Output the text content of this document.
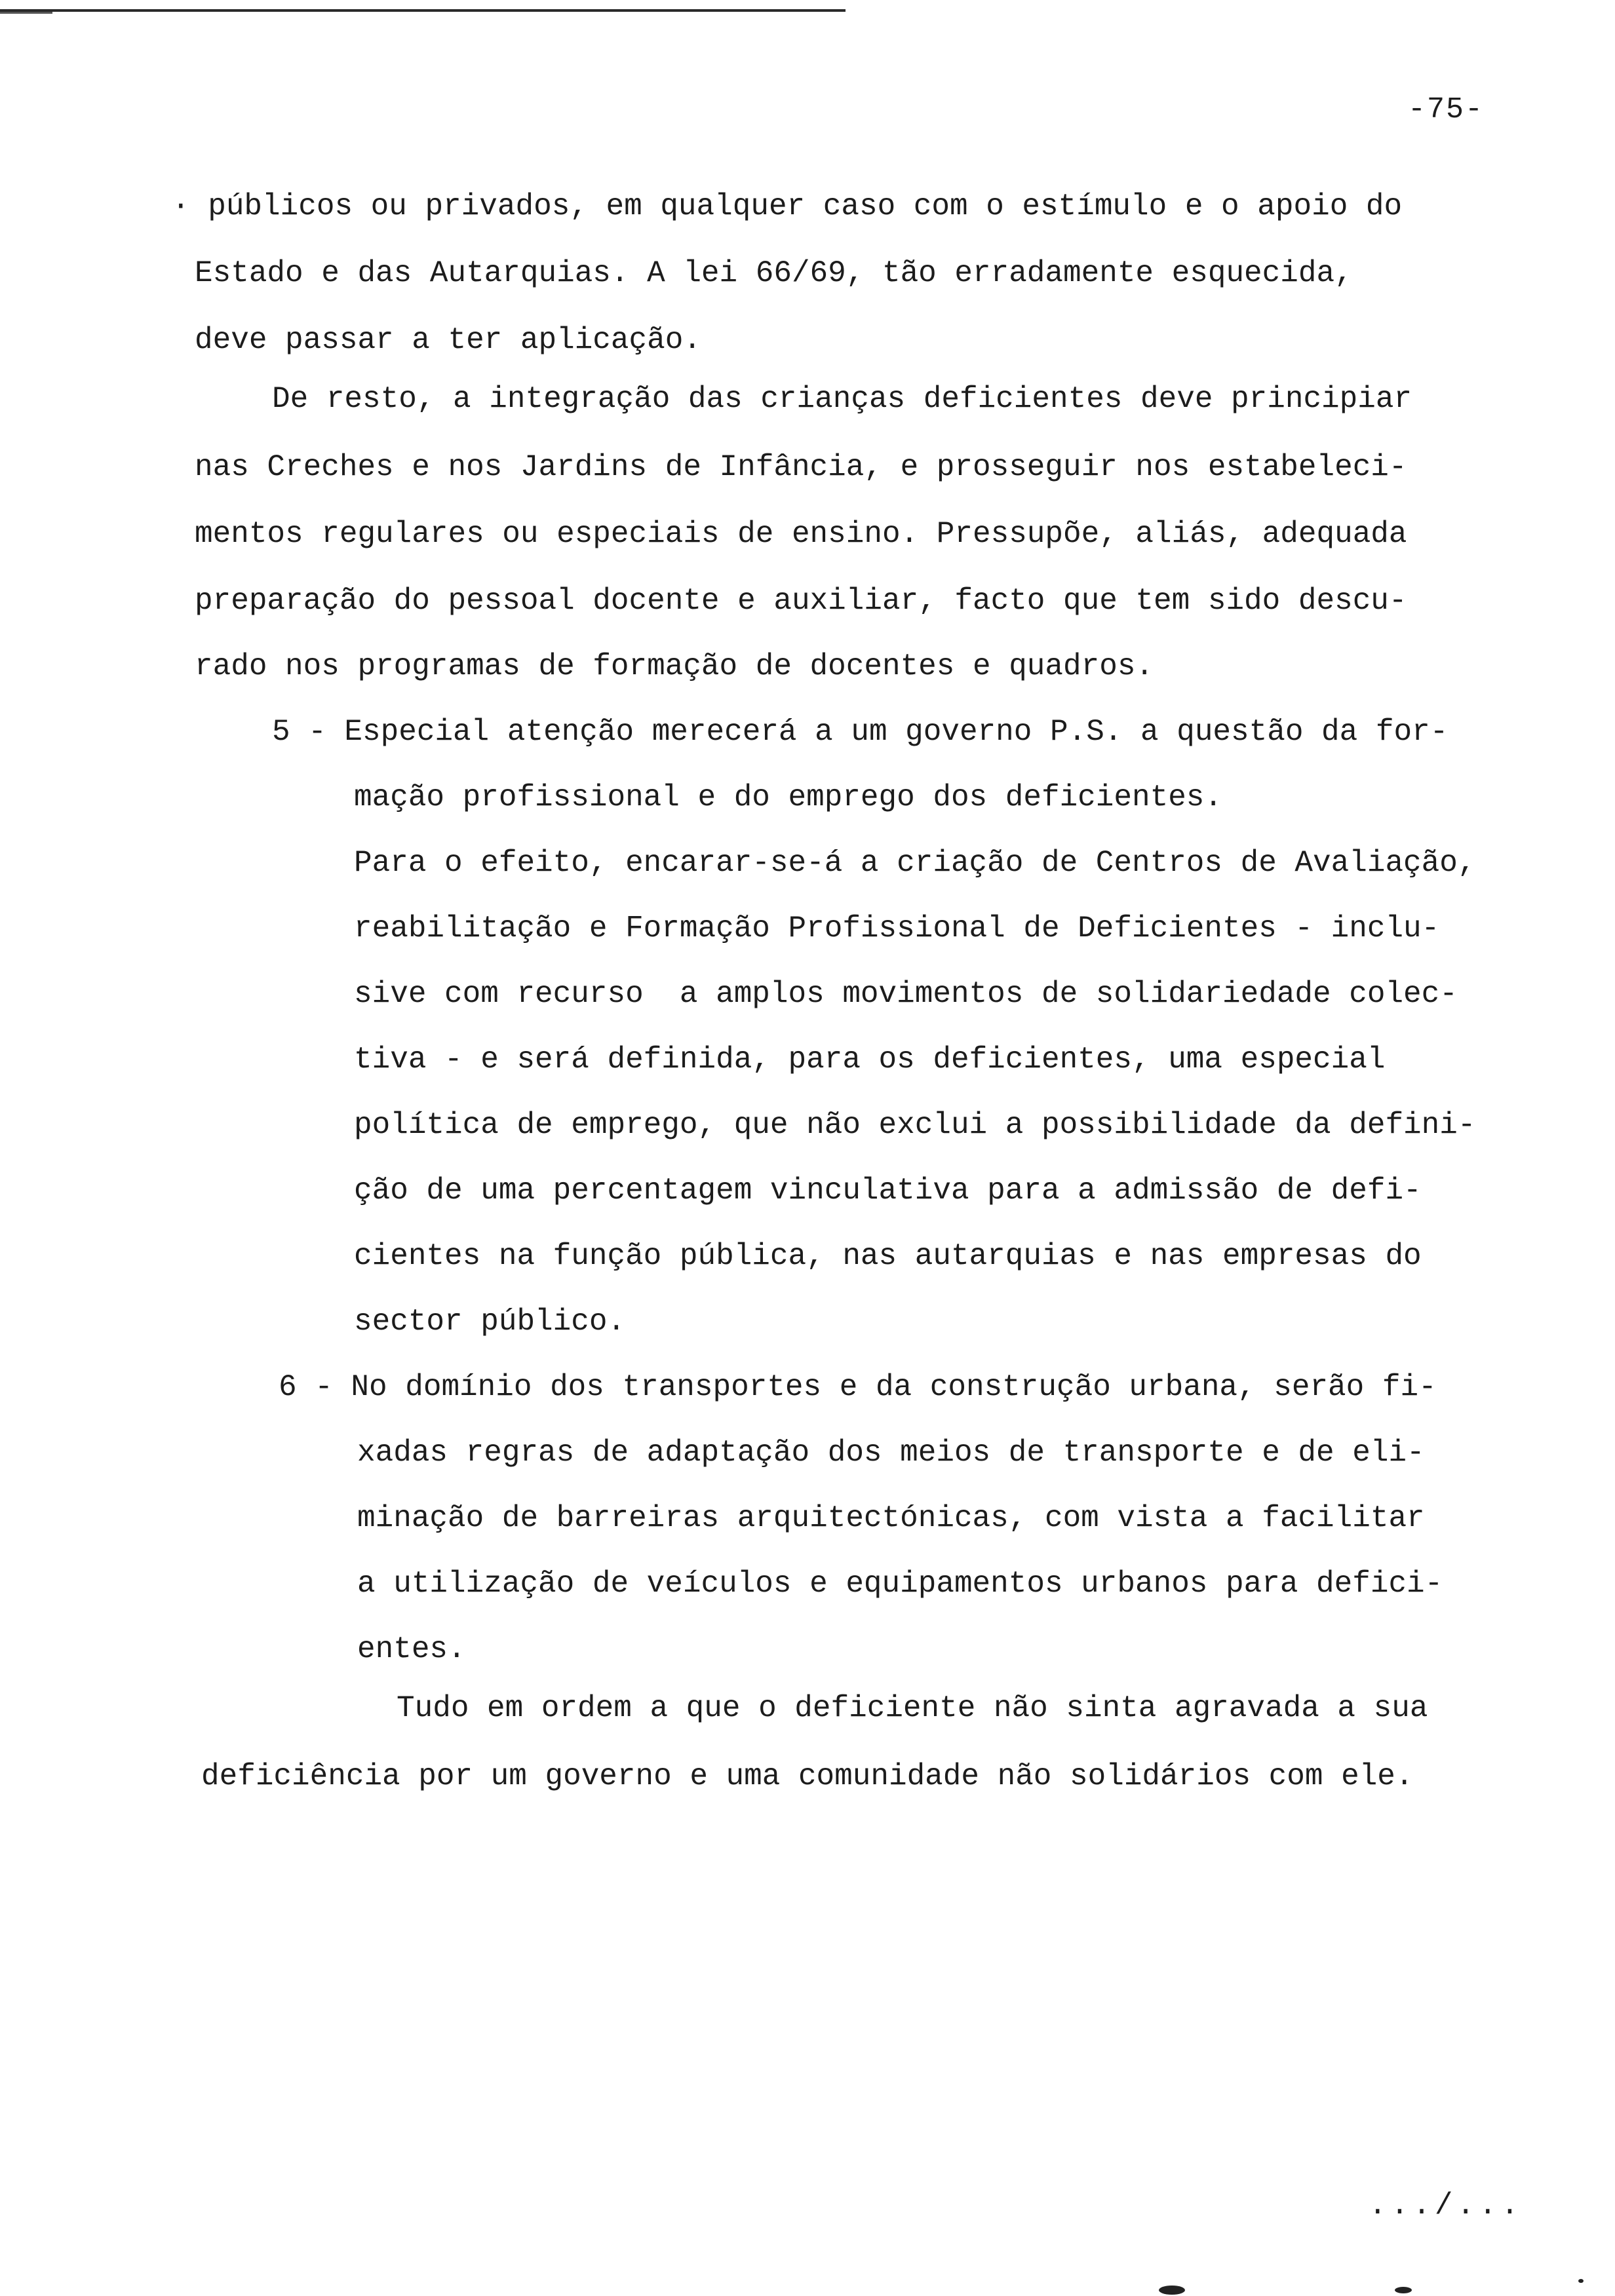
-75-
· públicos ou privados, em qualquer caso com o estímulo e o apoio do
Estado e das Autarquias. A lei 66/69, tão erradamente esquecida,
deve passar a ter aplicação.
De resto, a integração das crianças deficientes deve principiar
nas Creches e nos Jardins de Infância, e prosseguir nos estabeleci-
mentos regulares ou especiais de ensino. Pressupõe, aliás, adequada
preparação do pessoal docente e auxiliar, facto que tem sido descu-
rado nos programas de formação de docentes e quadros.
5 - Especial atenção merecerá a um governo P.S. a questão da for-
mação profissional e do emprego dos deficientes.
Para o efeito, encarar-se-á a criação de Centros de Avaliação,
reabilitação e Formação Profissional de Deficientes - inclu-
sive com recurso  a amplos movimentos de solidariedade colec-
tiva - e será definida, para os deficientes, uma especial
política de emprego, que não exclui a possibilidade da defini-
ção de uma percentagem vinculativa para a admissão de defi-
cientes na função pública, nas autarquias e nas empresas do
sector público.
6 - No domínio dos transportes e da construção urbana, serão fi-
xadas regras de adaptação dos meios de transporte e de eli-
minação de barreiras arquitectónicas, com vista a facilitar
a utilização de veículos e equipamentos urbanos para defici-
entes.
Tudo em ordem a que o deficiente não sinta agravada a sua
deficiência por um governo e uma comunidade não solidários com ele.
.../...
